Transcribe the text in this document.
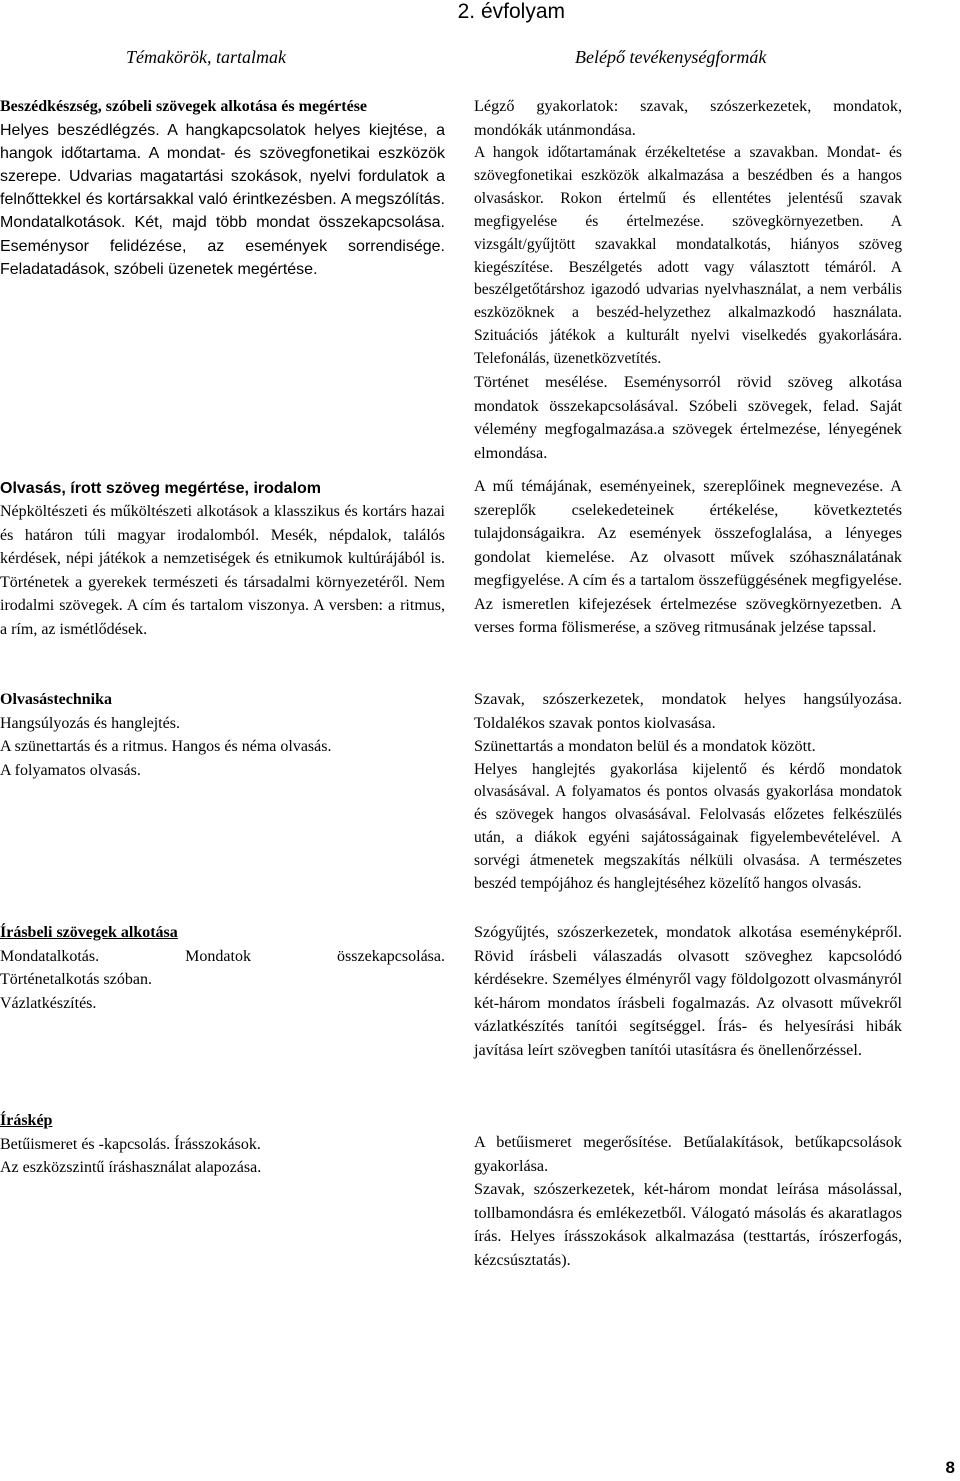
2. évfolyam
Témakörök, tartalmak	Belépő tevékenységformák

Beszédkészség, szóbeli szövegek alkotása és megértése

Helyes beszédlégzés. A hangkapcsolatok helyes kiejtése, a hangok időtartama. A mondat- és szövegfonetikai eszközök szerepe. Udvarias magatartási szokások, nyelvi fordulatok a felnőttekkel és kortársakkal való érintkezésben. A megszólítás. Mondatalkotások. Két, majd több mondat összekapcsolása. Eseménysor felidézése, az események sorrendisége. Feladatadások, szóbeli üzenetek megértése.

Olvasás, írott szöveg megértése, irodalom

Népköltészeti és műköltészeti alkotások a klasszikus és kortárs hazai és határon túli magyar irodalomból. Mesék, népdalok, találós kérdések, népi játékok a nemzetiségek és etnikumok kultúrájából is. Történetek a gyerekek természeti és társadalmi környezetéről. Nem irodalmi szövegek. A cím és tartalom viszonya. A versben: a ritmus, a rím, az ismétlődések.

Olvasástechnika

Hangsúlyozás és hanglejtés.

A szünettartás és a ritmus. Hangos és néma olvasás.

A folyamatos olvasás.

Írásbeli szövegek alkotása

Mondatalkotás. Mondatok összekapcsolása.

Történetalkotás szóban.

Vázlatkészítés.

Íráskép

Betűismeret és -kapcsolás. Írásszokások.

Az eszközszintű íráshasználat alapozása.

Légző gyakorlatok: szavak, szószerkezetek, mondatok, mondókák utánmondása.

A hangok időtartamának érzékeltetése a szavakban. Mondat- és szövegfonetikai eszközök alkalmazása a beszédben és a hangos olvasáskor. Rokon értelmű és ellentétes jelentésű szavak megfigyelése és értelmezése. szövegkörnyezetben. A vizsgált/gyűjtött szavakkal mondatalkotás, hiányos szöveg kiegészítése. Beszélgetés adott vagy választott témáról. A beszélgetőtárshoz igazodó udvarias nyelvhasználat, a nem verbális eszközöknek a beszéd-helyzethez alkalmazkodó használata. Szituációs játékok a kulturált nyelvi viselkedés gyakorlására. Telefonálás, üzenetközvetítés.

Történet mesélése. Eseménysorról rövid szöveg alkotása mondatok összekapcsolásával. Szóbeli szövegek, felad. Saját vélemény megfogalmazása.a szövegek értelmezése, lényegének elmondása.

A mű témájának, eseményeinek, szereplőinek megnevezése. A szereplők cselekedeteinek értékelése, következtetés tulajdonságaikra. Az események összefoglalása, a lényeges gondolat kiemelése. Az olvasott művek szóhasználatának megfigyelése. A cím és a tartalom összefüggésének megfigyelése. Az ismeretlen kifejezések értelmezése szövegkörnyezetben. A verses forma fölismerése, a szöveg ritmusának jelzése tapssal.

Szavak, szószerkezetek, mondatok helyes hangsúlyozása. Toldalékos szavak pontos kiolvasása.

Szünettartás a mondaton belül és a mondatok között.

Helyes hanglejtés gyakorlása kijelentő és kérdő mondatok olvasásával. A folyamatos és pontos olvasás gyakorlása mondatok és szövegek hangos olvasásával. Felolvasás előzetes felkészülés után, a diákok egyéni sajátosságainak figyelembevételével. A sorvégi átmenetek megszakítás nélküli olvasása. A természetes beszéd tempójához és hanglejtéséhez közelítő hangos olvasás.

Szógyűjtés, szószerkezetek, mondatok alkotása eseményképről. Rövid írásbeli válaszadás olvasott szöveghez kapcsolódó kérdésekre. Személyes élményről vagy földolgozott olvasmányról két-három mondatos írásbeli fogalmazás. Az olvasott művekről vázlatkészítés tanítói segítséggel. Írás- és helyesírási hibák javítása leírt szövegben tanítói utasításra és önellenőrzéssel.

A betűismeret megerősítése. Betűalakítások, betűkapcsolások gyakorlása.

Szavak, szószerkezetek, két-három mondat leírása másolással, tollbamondásra és emlékezetből. Válogató másolás és akaratlagos írás. Helyes írásszokások alkalmazása (testtartás, írószerfogás, kézcsúsztatás).

8
